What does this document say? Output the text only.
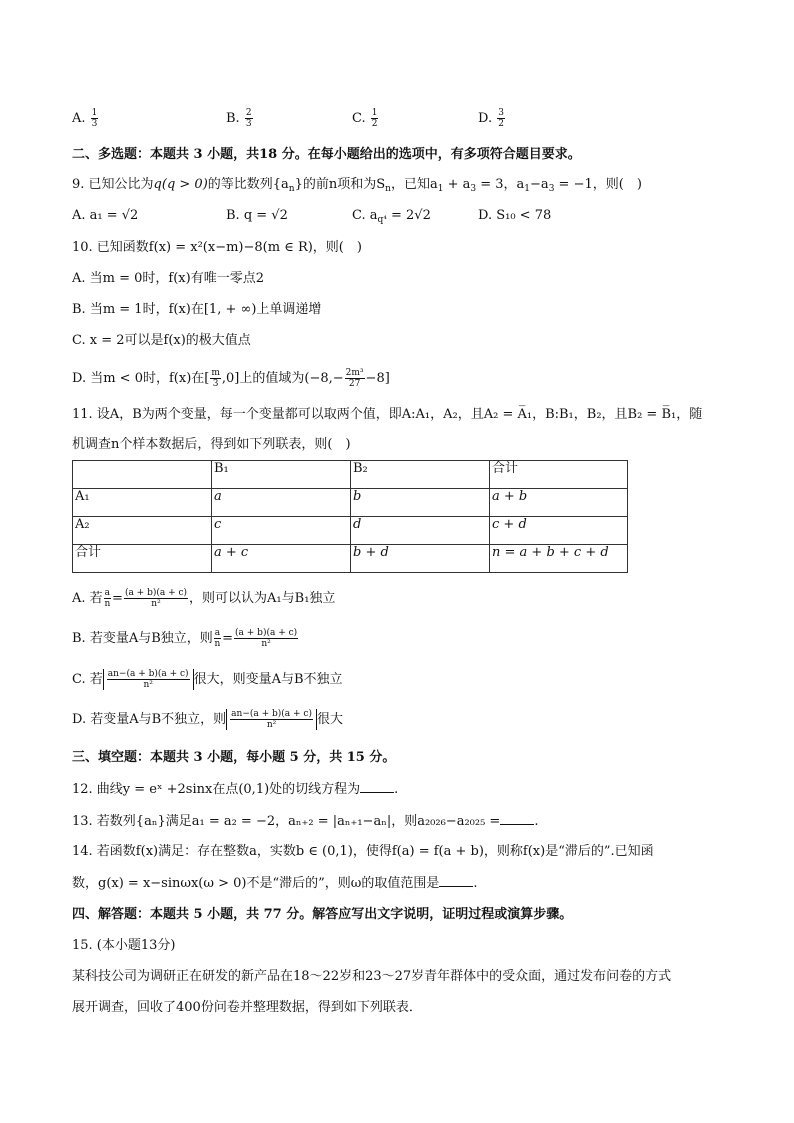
A. $\frac{1}{3}$	B. $\frac{2}{3}$	C. $\frac{1}{2}$	D. $\frac{3}{2}$
二、多选题：本题共 3 小题，共18 分。在每小题给出的选项中，有多项符合题目要求。
9. 已知公比为q(q > 0)的等比数列$\{a_n\}$的前n项和为$S_n$，已知$a_1 + a_3 = 3$，$a_1-a_3 = -1$，则(　)
A. a₁ = √2	B. q = √2	C. $a_{q^4} = 2√2$	D. S₁₀ < 78
10. 已知函数f(x) = x²(x−m)−8(m ∈ R)，则(　)
A. 当m = 0时，f(x)有唯一零点2
B. 当m = 1时，f(x)在[1, + ∞)上单调递增
C. x = 2可以是f(x)的极大值点
D. 当m < 0时，f(x)在[ $\frac{m}{3} ,0$]上的值域为$(-8,- \frac{\text{2m³}}{27} -8]$
11. 设A，B为两个变量，每一个变量都可以取两个值，即A:A₁，A₂，且A₂ = A̅₁，B:B₁，B₂，且B₂ = B̅₁，随
机调查n个样本数据后，得到如下列联表，则(　)
	B₁	B₂	合计
A₁	a	b	a + b
A₂	c	d	c + d
合计	a + c	b + d	n = a + b + c + d
A. 若 $\frac{a}{n} = \frac{(a + b)(a + c)}{\text{n²}}$ ，则可以认为A₁与B₁独立
B. 若变量A与B独立，则 $\frac{a}{n} = \frac{(a + b)(a + c)}{\text{n²}}$
C. 若 $\frac{an-(a + b)(a + c)}{\text{n²}}$ 很大，则变量A与B不独立
D. 若变量A与B不独立，则 $\frac{an-(a + b)(a + c)}{\text{n²}}$ 很大
三、填空题：本题共 3 小题，每小题 5 分，共 15 分。
12. 曲线y = eˣ +2sinx在点(0,1)处的切线方程为	.
13. 若数列{aₙ}满足a₁ = a₂ = −2，aₙ₊₂ = |aₙ₊₁−aₙ|，则a₂₀₂₆−a₂₀₂₅ =	.
14. 若函数f(x)满足：存在整数a，实数b ∈ (0,1)，使得f(a) = f(a + b)，则称f(x)是“滞后的”.已知函
数，g(x) = x−sinωx(ω > 0)不是“滞后的”，则ω的取值范围是	.
四、解答题：本题共 5 小题，共 77 分。解答应写出文字说明，证明过程或演算步骤。
15. (本小题13分)
某科技公司为调研正在研发的新产品在18～22岁和23～27岁青年群体中的受众面，通过发布问卷的方式
展开调查，回收了400份问卷并整理数据，得到如下列联表．
